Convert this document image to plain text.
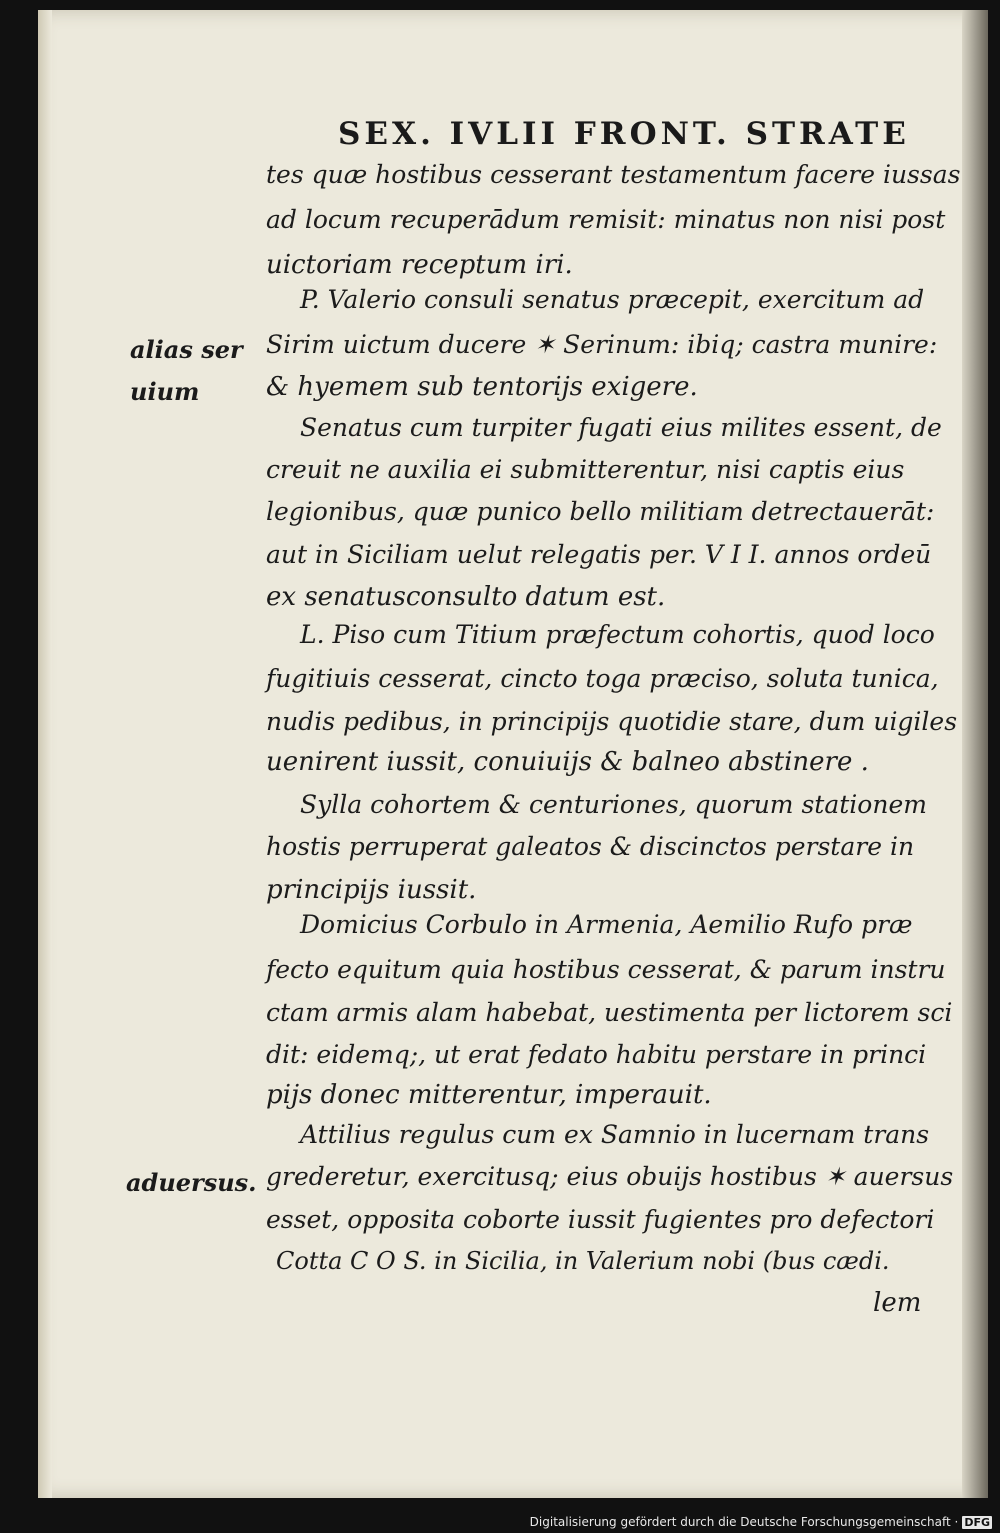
SEX. IVLII FRONT. STRATE
tes quæ hostibus cesserant testamentum facere iussas
ad locum recuperādum remisit: minatus non nisi post
uictoriam receptum iri.
P. Valerio consuli senatus præcepit, exercitum ad
alias ser Sirim uictum ducere ✶ Serinum: ibiq; castra munire:
uium	& hyemem sub tentorijs exigere.
Senatus cum turpiter fugati eius milites essent, de
creuit ne auxilia ei submitterentur, nisi captis eius
legionibus, quæ punico bello militiam detrectauerāt:
aut in Siciliam uelut relegatis per. V I I. annos ordeū
ex senatusconsulto datum est.
L. Piso cum Titium præfectum cohortis, quod loco
fugitiuis cesserat, cincto toga præciso, soluta tunica,
nudis pedibus, in principijs quotidie stare, dum uigiles
uenirent iussit, conuiuijs & balneo abstinere .
Sylla cohortem & centuriones, quorum stationem
hostis perruperat galeatos & discinctos perstare in
principijs iussit.
Domicius Corbulo in Armenia, Aemilio Rufo præ
fecto equitum quia hostibus cesserat, & parum instru
ctam armis alam habebat, uestimenta per lictorem sci
dit: eidemq;, ut erat fedato habitu perstare in princi
pijs donec mitterentur, imperauit.
Attilius regulus cum ex Samnio in lucernam trans
aduersus. grederetur, exercitusq; eius obuijs hostibus ✶ auersus
esset, opposita coborte iussit fugientes pro defectori
Cotta C O S. in Sicilia, in Valerium nobi (bus cædi.
lem
Digitalisierung gefördert durch die Deutsche Forschungsgemeinschaft · DFG
